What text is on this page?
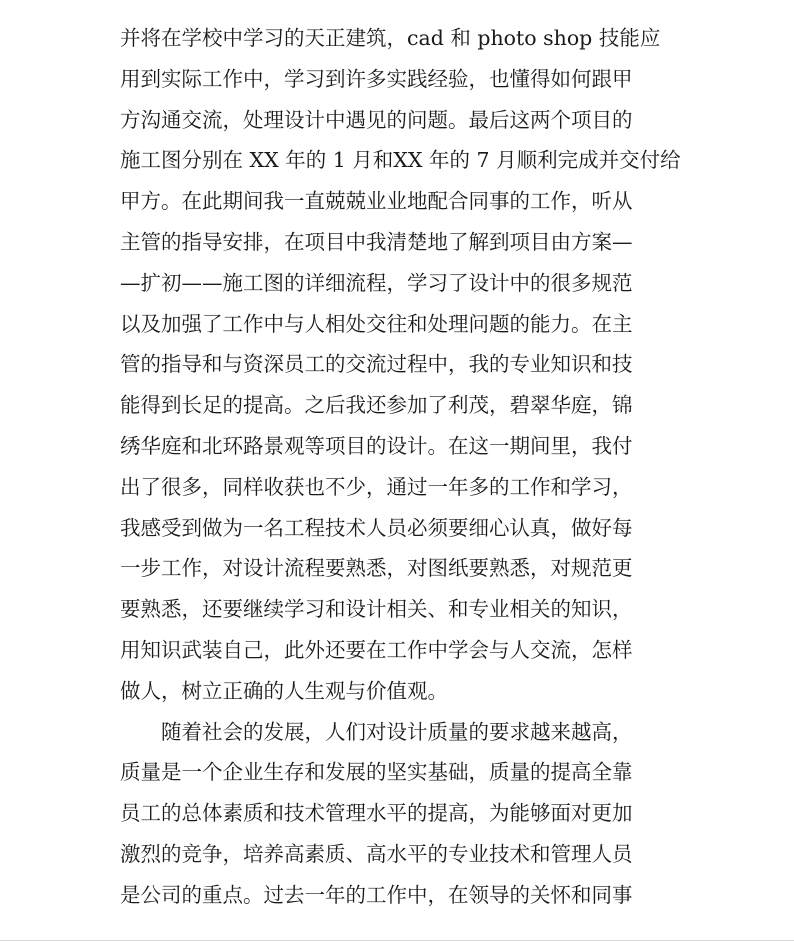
并将在学校中学习的天正建筑，cad 和 photo shop 技能应
用到实际工作中，学习到许多实践经验，也懂得如何跟甲
方沟通交流，处理设计中遇见的问题。最后这两个项目的
施工图分别在 XX 年的 1 月和XX 年的 7 月顺利完成并交付给
甲方。在此期间我一直兢兢业业地配合同事的工作，听从
主管的指导安排，在项目中我清楚地了解到项目由方案—
—扩初——施工图的详细流程，学习了设计中的很多规范
以及加强了工作中与人相处交往和处理问题的能力。在主
管的指导和与资深员工的交流过程中，我的专业知识和技
能得到长足的提高。之后我还参加了利茂，碧翠华庭，锦
绣华庭和北环路景观等项目的设计。在这一期间里，我付
出了很多，同样收获也不少，通过一年多的工作和学习，
我感受到做为一名工程技术人员必须要细心认真，做好每
一步工作，对设计流程要熟悉，对图纸要熟悉，对规范更
要熟悉，还要继续学习和设计相关、和专业相关的知识，
用知识武装自己，此外还要在工作中学会与人交流，怎样
做人，树立正确的人生观与价值观。
　　随着社会的发展，人们对设计质量的要求越来越高，
质量是一个企业生存和发展的坚实基础，质量的提高全靠
员工的总体素质和技术管理水平的提高，为能够面对更加
激烈的竞争，培养高素质、高水平的专业技术和管理人员
是公司的重点。过去一年的工作中，在领导的关怀和同事
